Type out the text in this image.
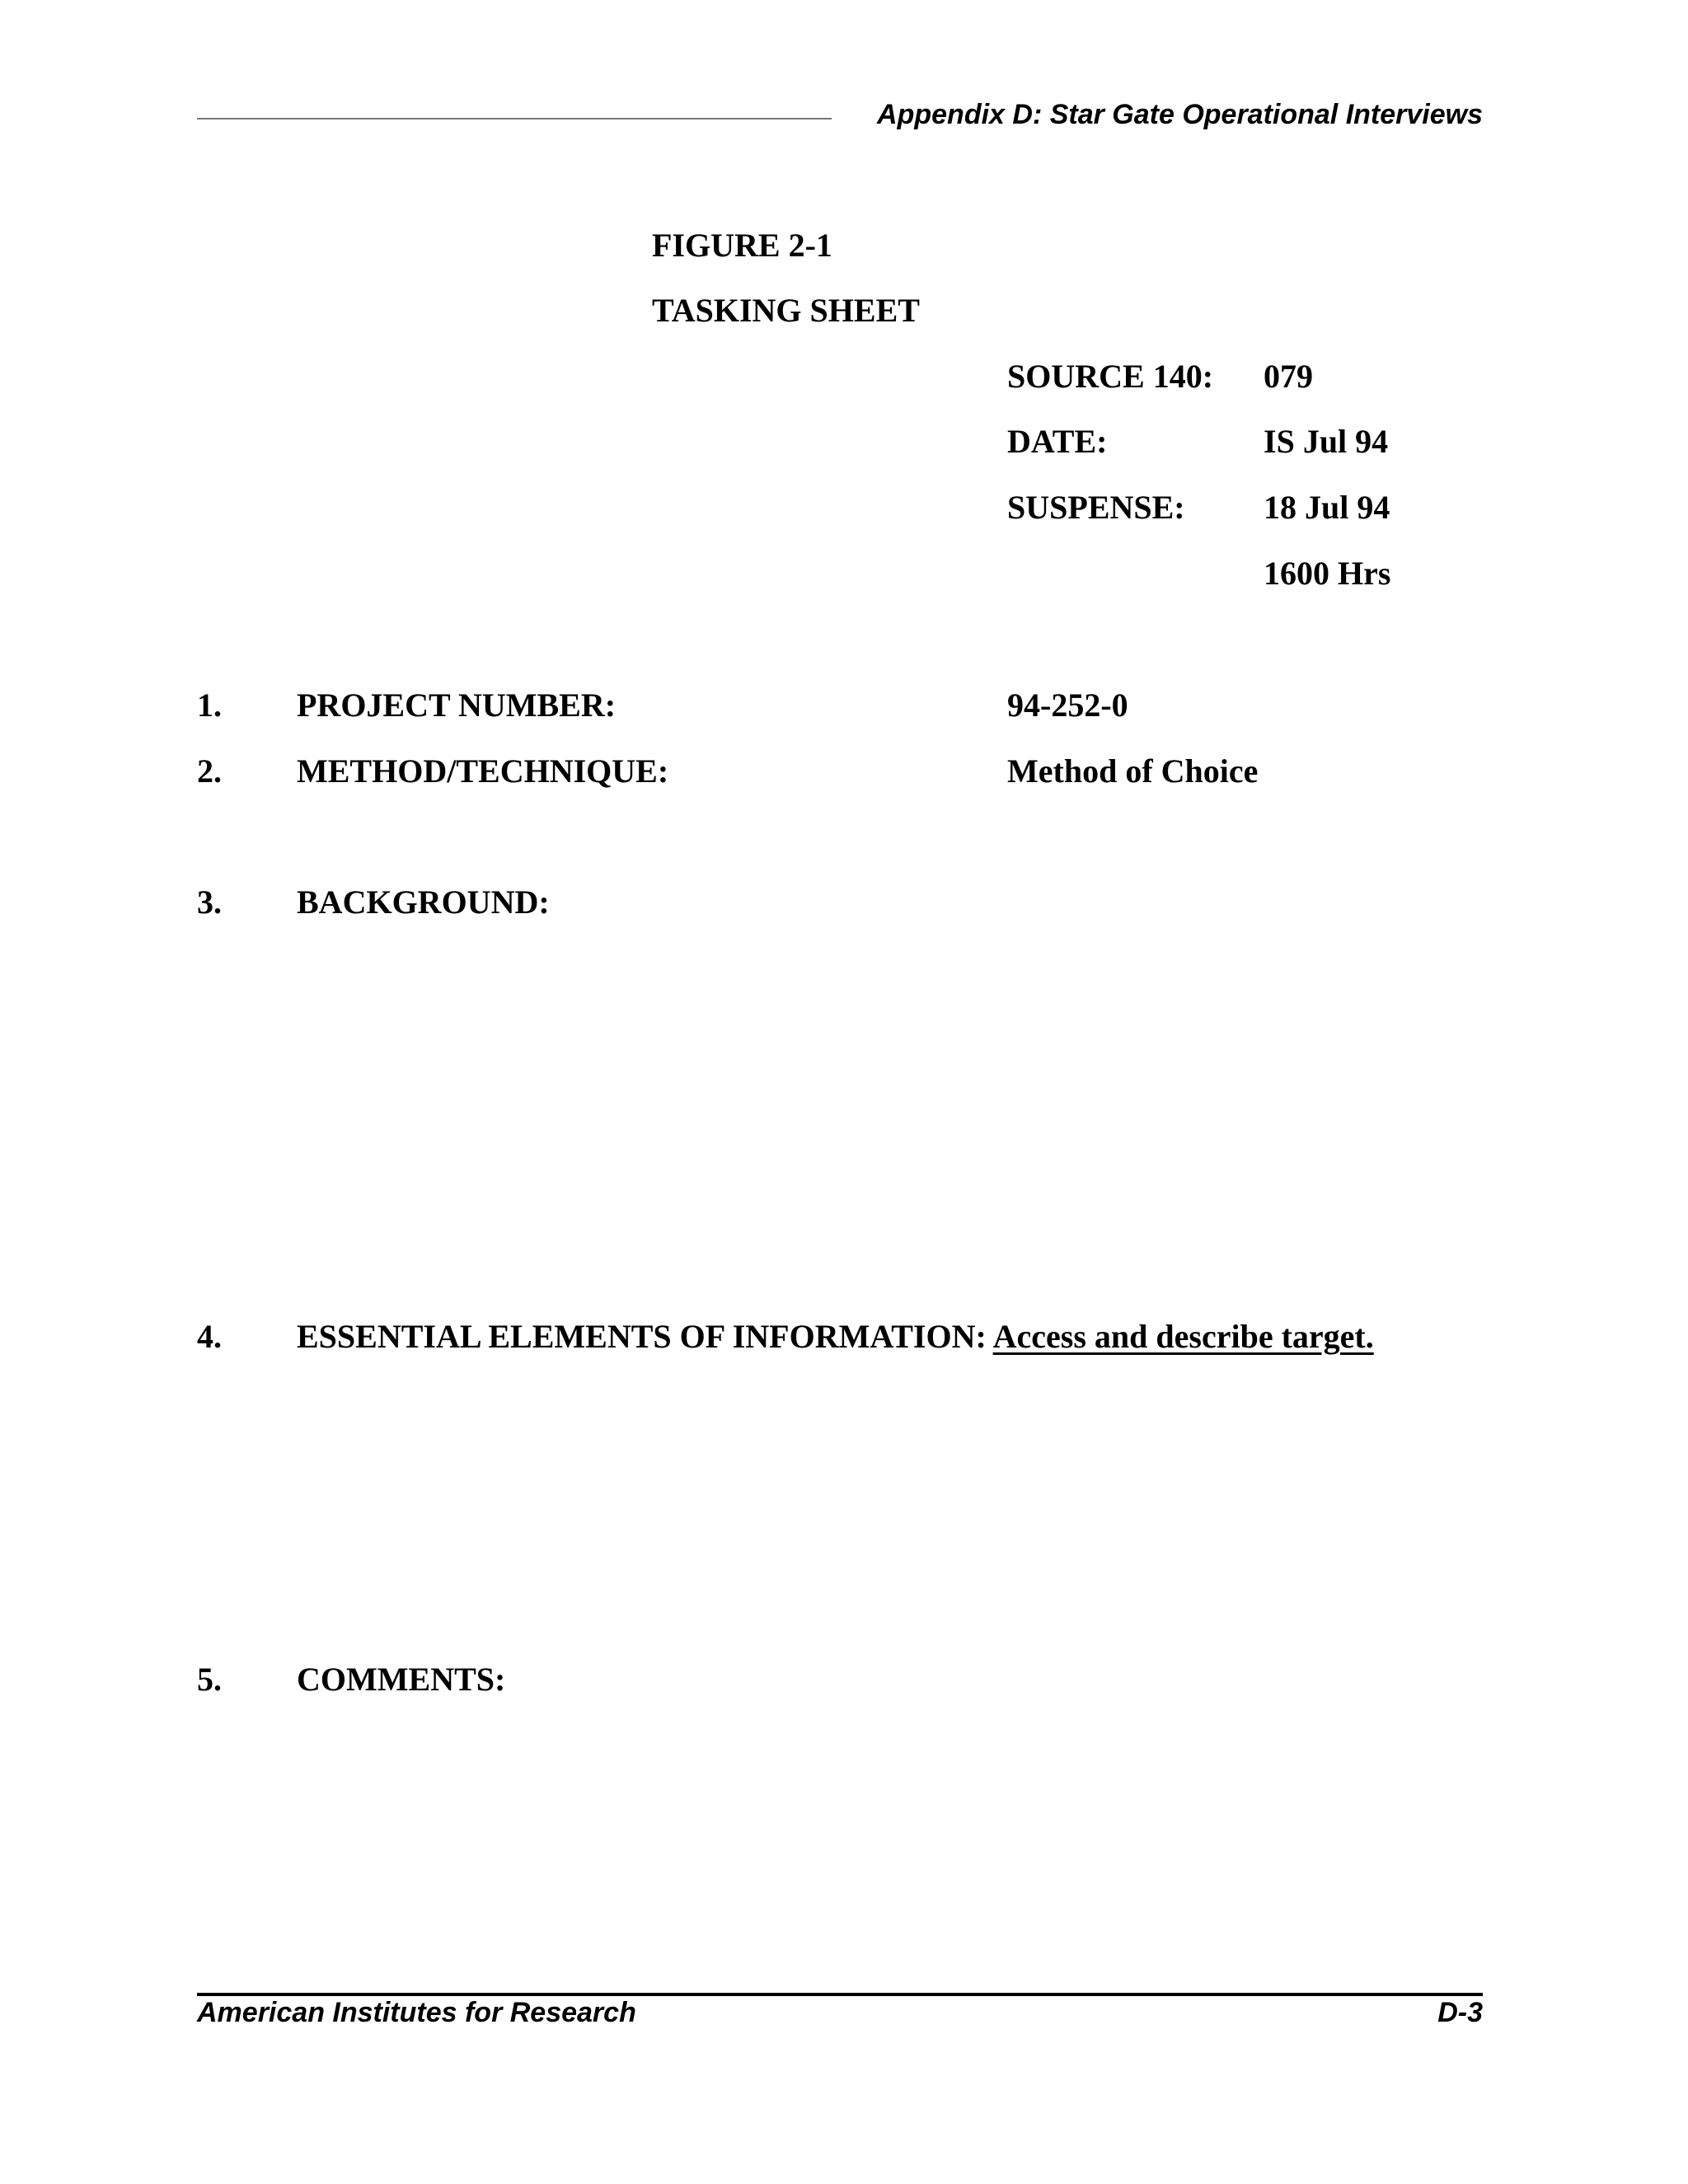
Appendix D: Star Gate Operational Interviews
FIGURE 2-1
TASKING SHEET
SOURCE 140: 079
DATE:	IS Jul 94
SUSPENSE: 18 Jul 94
1600 Hrs
1. PROJECT NUMBER:	94-252-0
2. METHOD/TECHNIQUE:	Method of Choice
3. BACKGROUND:
4. ESSENTIAL ELEMENTS OF INFORMATION: Access and describe target.
5. COMMENTS:
American Institutes for Research	D-3
